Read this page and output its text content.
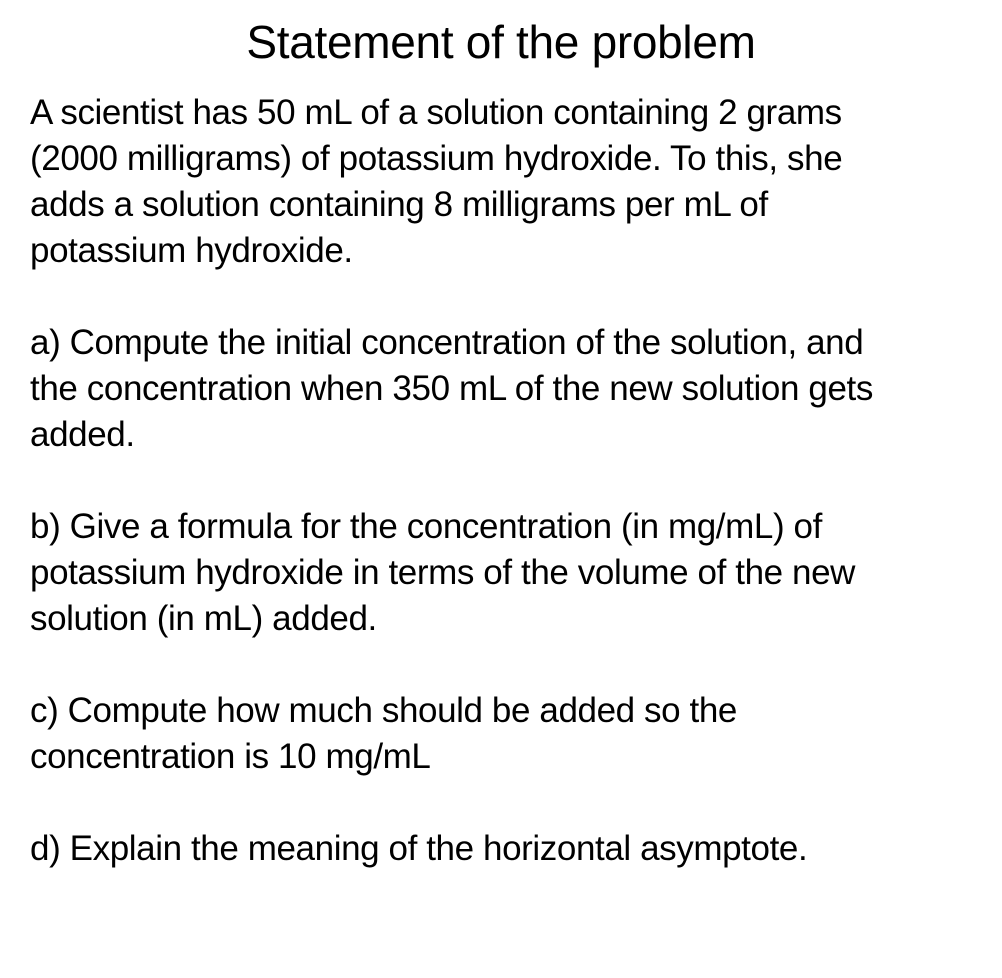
Statement of the problem

A scientist has 50 mL of a solution containing 2 grams
(2000 milligrams) of potassium hydroxide. To this, she
adds a solution containing 8 milligrams per mL of
potassium hydroxide.

a) Compute the initial concentration of the solution, and
the concentration when 350 mL of the new solution gets
added.

b) Give a formula for the concentration (in mg/mL) of
potassium hydroxide in terms of the volume of the new
solution (in mL) added.

c) Compute how much should be added so the
concentration is 10 mg/mL

d) Explain the meaning of the horizontal asymptote.
